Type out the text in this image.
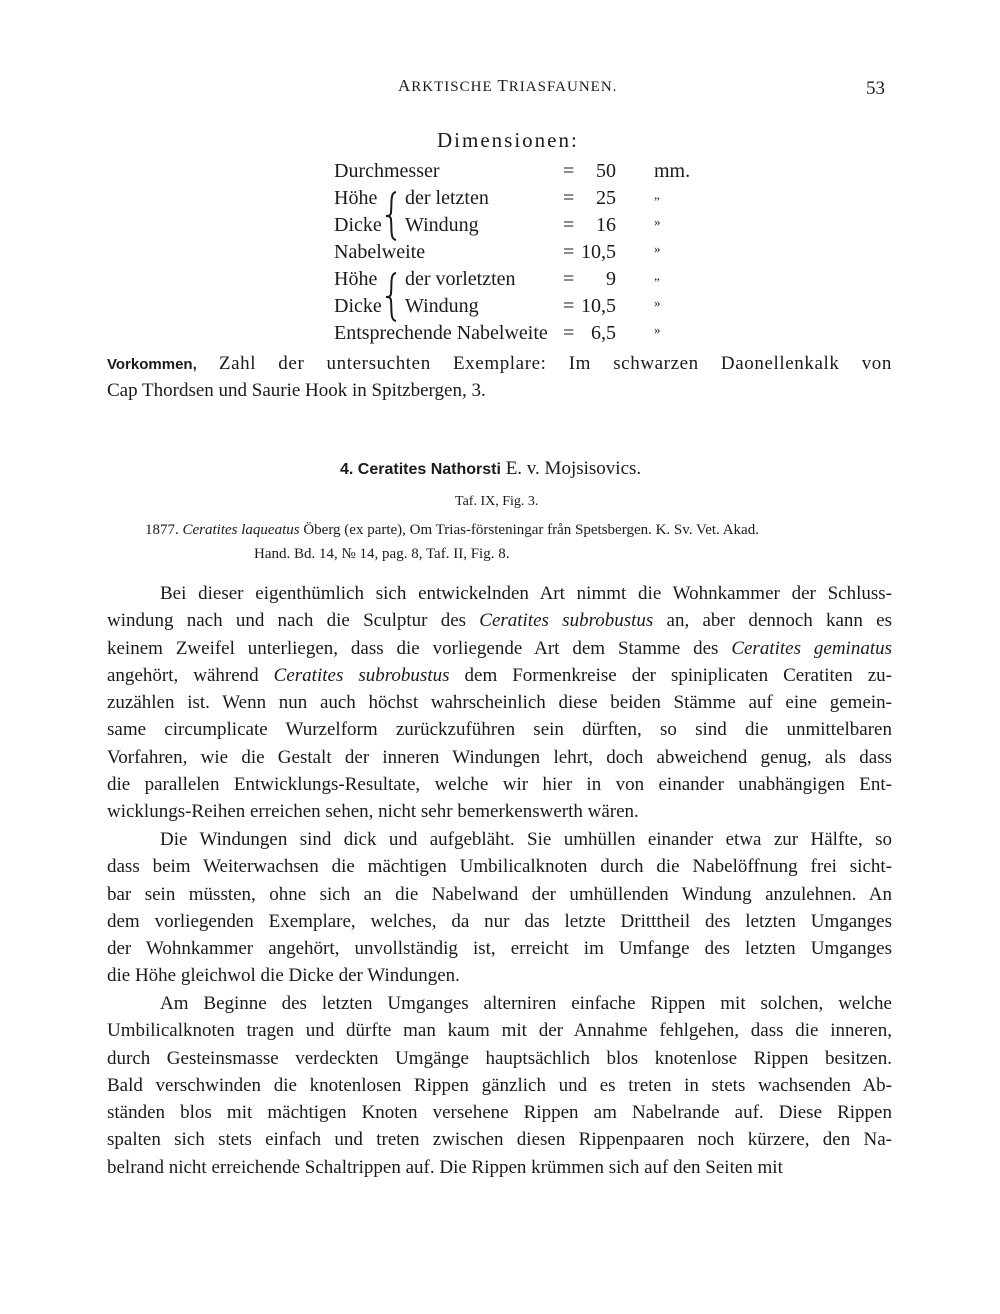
ARKTISCHE TRIASFAUNEN.	53
Dimensionen:
Durchmesser	= 50 mm.
Höhe der letzten	= 25	„
Dicke Windung	= 16	»
Nabelweite	= 10,5	»
Höhe der vorletzten = 9	„
Dicke Windung	= 10,5	»
Entsprechende Nabelweite = 6,5	»
Vorkommen, Zahl der untersuchten Exemplare: Im schwarzen Daonellenkalk von
Cap Thordsen und Saurie Hook in Spitzbergen, 3.
4. Ceratites Nathorsti E. v. Mojsisovics.
Taf. IX, Fig. 3.
1877. Ceratites laqueatus Öberg (ex parte), Om Trias-försteningar från Spetsbergen. K. Sv. Vet. Akad.
Hand. Bd. 14, № 14, pag. 8, Taf. II, Fig. 8.
Bei dieser eigenthümlich sich entwickelnden Art nimmt die Wohnkammer der Schluss-
windung nach und nach die Sculptur des Ceratites subrobustus an, aber dennoch kann es
keinem Zweifel unterliegen, dass die vorliegende Art dem Stamme des Ceratites geminatus
angehört, während Ceratites subrobustus dem Formenkreise der spiniplicaten Ceratiten zu-
zuzählen ist. Wenn nun auch höchst wahrscheinlich diese beiden Stämme auf eine gemein-
same circumplicate Wurzelform zurückzuführen sein dürften, so sind die unmittelbaren
Vorfahren, wie die Gestalt der inneren Windungen lehrt, doch abweichend genug, als dass
die parallelen Entwicklungs-Resultate, welche wir hier in von einander unabhängigen Ent-
wicklungs-Reihen erreichen sehen, nicht sehr bemerkenswerth wären.
Die Windungen sind dick und aufgebläht. Sie umhüllen einander etwa zur Hälfte, so
dass beim Weiterwachsen die mächtigen Umbilicalknoten durch die Nabelöffnung frei sicht-
bar sein müssten, ohne sich an die Nabelwand der umhüllenden Windung anzulehnen. An
dem vorliegenden Exemplare, welches, da nur das letzte Dritttheil des letzten Umganges
der Wohnkammer angehört, unvollständig ist, erreicht im Umfange des letzten Umganges
die Höhe gleichwol die Dicke der Windungen.
Am Beginne des letzten Umganges alterniren einfache Rippen mit solchen, welche
Umbilicalknoten tragen und dürfte man kaum mit der Annahme fehlgehen, dass die inneren,
durch Gesteinsmasse verdeckten Umgänge hauptsächlich blos knotenlose Rippen besitzen.
Bald verschwinden die knotenlosen Rippen gänzlich und es treten in stets wachsenden Ab-
ständen blos mit mächtigen Knoten versehene Rippen am Nabelrande auf. Diese Rippen
spalten sich stets einfach und treten zwischen diesen Rippenpaaren noch kürzere, den Na-
belrand nicht erreichende Schaltrippen auf. Die Rippen krümmen sich auf den Seiten mit
